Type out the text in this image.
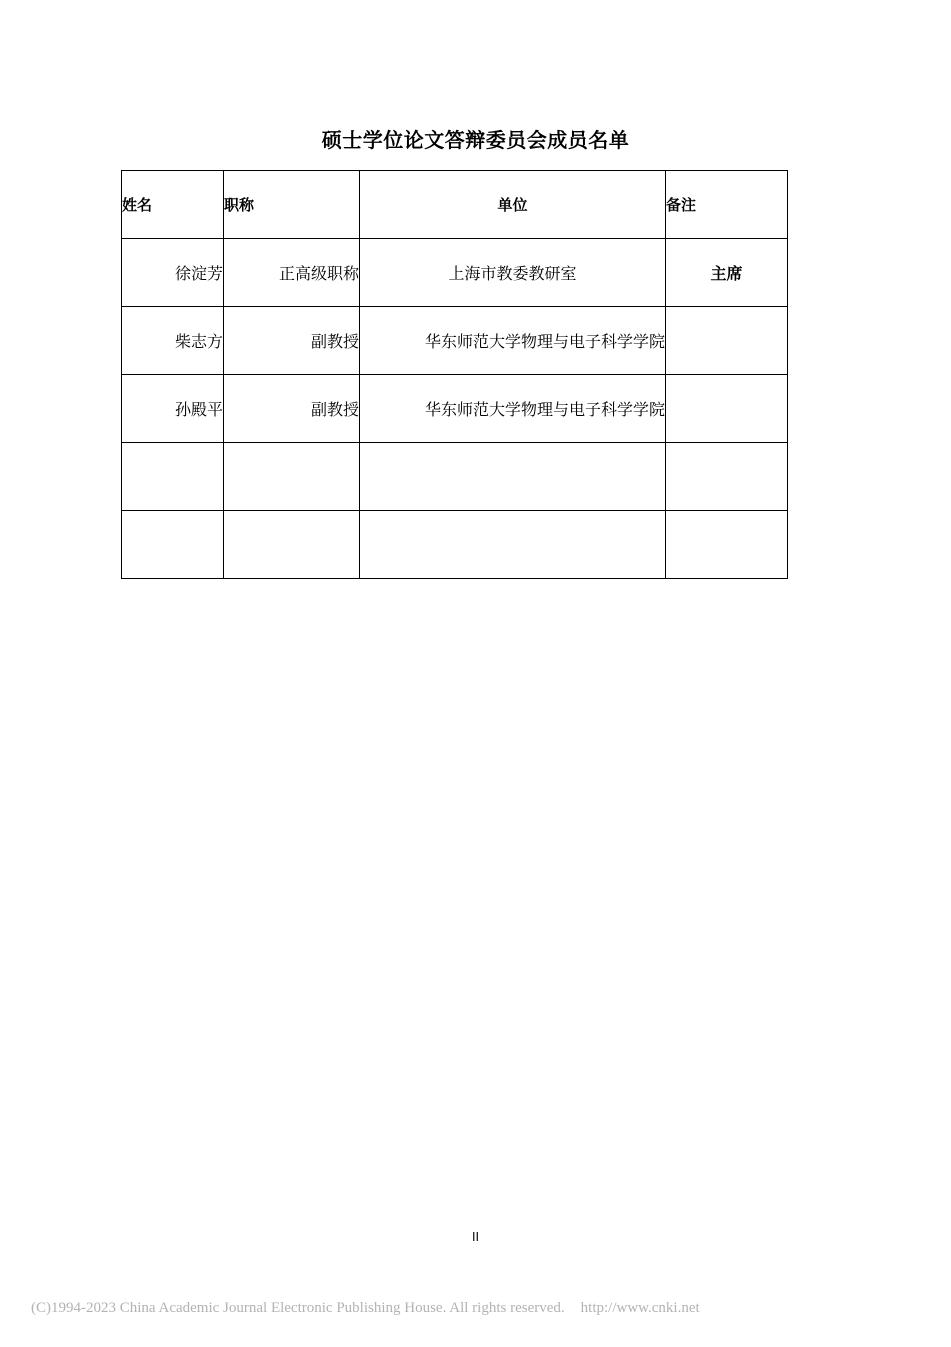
硕士学位论文答辩委员会成员名单
姓名	职称	单位	备注
徐淀芳	正高级职称	上海市教委教研室	主席
柴志方	副教授	华东师范大学物理与电子科学学院	
孙殿平	副教授	华东师范大学物理与电子科学学院	

II
(C)1994-2023 China Academic Journal Electronic Publishing House. All rights reserved. http://www.cnki.net
